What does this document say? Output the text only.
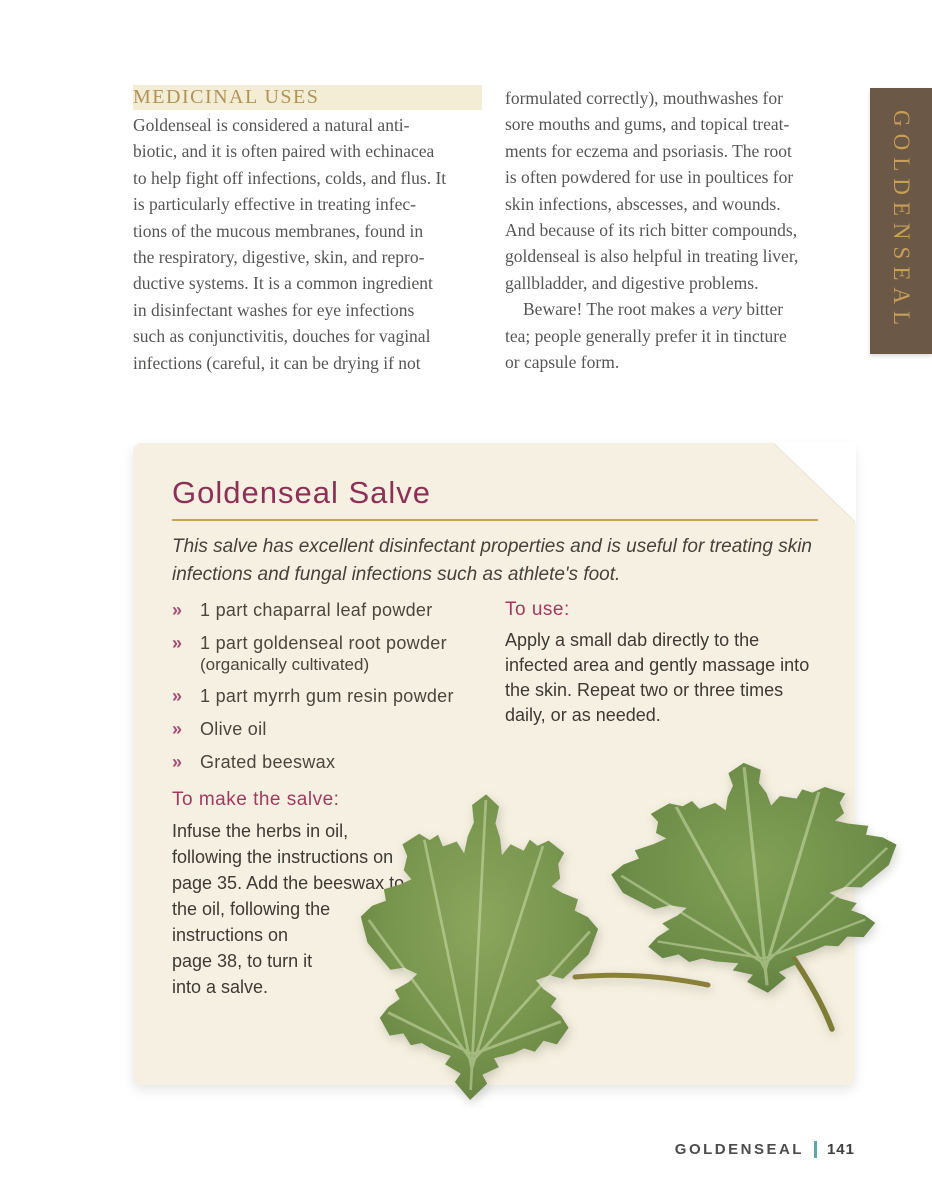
MEDICINAL USES
Goldenseal is considered a natural anti-
biotic, and it is often paired with echinacea
to help fight off infections, colds, and flus. It
is particularly effective in treating infec-
tions of the mucous membranes, found in
the respiratory, digestive, skin, and repro-
ductive systems. It is a common ingredient
in disinfectant washes for eye infections
such as conjunctivitis, douches for vaginal
infections (careful, it can be drying if not
formulated correctly), mouthwashes for
sore mouths and gums, and topical treat-
ments for eczema and psoriasis. The root
is often powdered for use in poultices for
skin infections, abscesses, and wounds.
And because of its rich bitter compounds,
goldenseal is also helpful in treating liver,
gallbladder, and digestive problems.
Beware! The root makes a very bitter
tea; people generally prefer it in tincture
or capsule form.
GOLDENSEAL
Goldenseal Salve
This salve has excellent disinfectant properties and is useful for treating skin
infections and fungal infections such as athlete's foot.
» 1 part chaparral leaf powder
» 1 part goldenseal root powder
(organically cultivated)
» 1 part myrrh gum resin powder
» Olive oil
» Grated beeswax
To use:
Apply a small dab directly to the
infected area and gently massage into
the skin. Repeat two or three times
daily, or as needed.
To make the salve:
Infuse the herbs in oil,
following the instructions on
page 35. Add the beeswax to
the oil, following the
instructions on
page 38, to turn it
into a salve.
GOLDENSEAL 141
